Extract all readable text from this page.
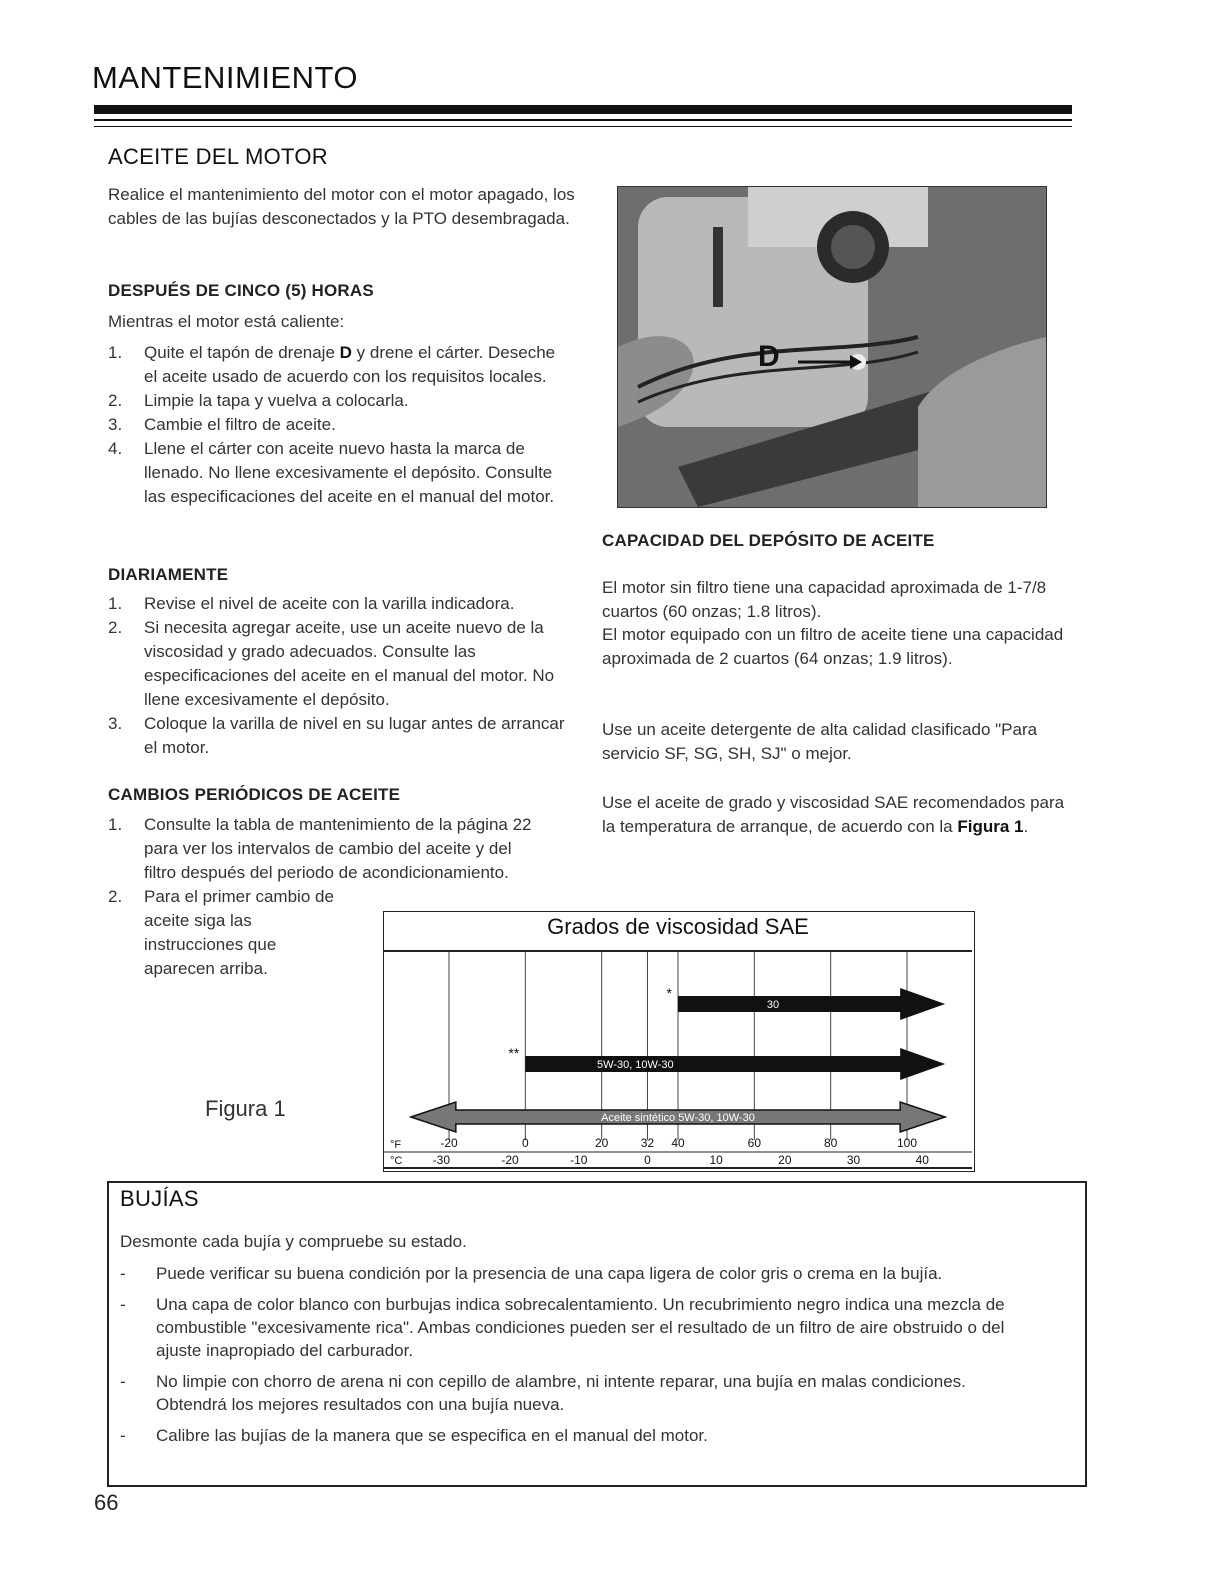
MANTENIMIENTO
ACEITE DEL MOTOR
Realice el mantenimiento del motor con el motor apagado, los cables de las bujías desconectados y la PTO desembragada.
DESPUÉS DE CINCO (5) HORAS
Mientras el motor está caliente:
1. Quite el tapón de drenaje D y drene el cárter. Deseche el aceite usado de acuerdo con los requisitos locales.
2. Limpie la tapa y vuelva a colocarla.
3. Cambie el filtro de aceite.
4. Llene el cárter con aceite nuevo hasta la marca de llenado. No llene excesivamente el depósito. Consulte las especificaciones del aceite en el manual del motor.
DIARIAMENTE
1. Revise el nivel de aceite con la varilla indicadora.
2. Si necesita agregar aceite, use un aceite nuevo de la viscosidad y grado adecuados. Consulte las especificaciones del aceite en el manual del motor. No llene excesivamente el depósito.
3. Coloque la varilla de nivel en su lugar antes de arrancar el motor.
CAMBIOS PERIÓDICOS DE ACEITE
1. Consulte la tabla de mantenimiento de la página 22 para ver los intervalos de cambio del aceite y del filtro después del periodo de acondicionamiento.
2. Para el primer cambio de aceite siga las instrucciones que aparecen arriba.
Figura 1
D
CAPACIDAD DEL DEPÓSITO DE ACEITE
El motor sin filtro tiene una capacidad aproximada de 1-7/8 cuartos (60 onzas; 1.8 litros).
El motor equipado con un filtro de aceite tiene una capacidad aproximada de 2 cuartos (64 onzas; 1.9 litros).
Use un aceite detergente de alta calidad clasificado "Para servicio SF, SG, SH, SJ" o mejor.
Use el aceite de grado y viscosidad SAE recomendados para la temperatura de arranque, de acuerdo con la Figura 1.
Grados de viscosidad SAE
30
*
5W-30, 10W-30
**
Aceite sintético 5W-30, 10W-30
°F
°C
-20	0	20	32 40	60	80	100
-30	-20	-10	0	10	20	30	40
BUJÍAS
Desmonte cada bujía y compruebe su estado.
- Puede verificar su buena condición por la presencia de una capa ligera de color gris o crema en la bujía.
- Una capa de color blanco con burbujas indica sobrecalentamiento. Un recubrimiento negro indica una mezcla de combustible "excesivamente rica". Ambas condiciones pueden ser el resultado de un filtro de aire obstruido o del ajuste inapropiado del carburador.
- No limpie con chorro de arena ni con cepillo de alambre, ni intente reparar, una bujía en malas condiciones. Obtendrá los mejores resultados con una bujía nueva.
- Calibre las bujías de la manera que se especifica en el manual del motor.
66
